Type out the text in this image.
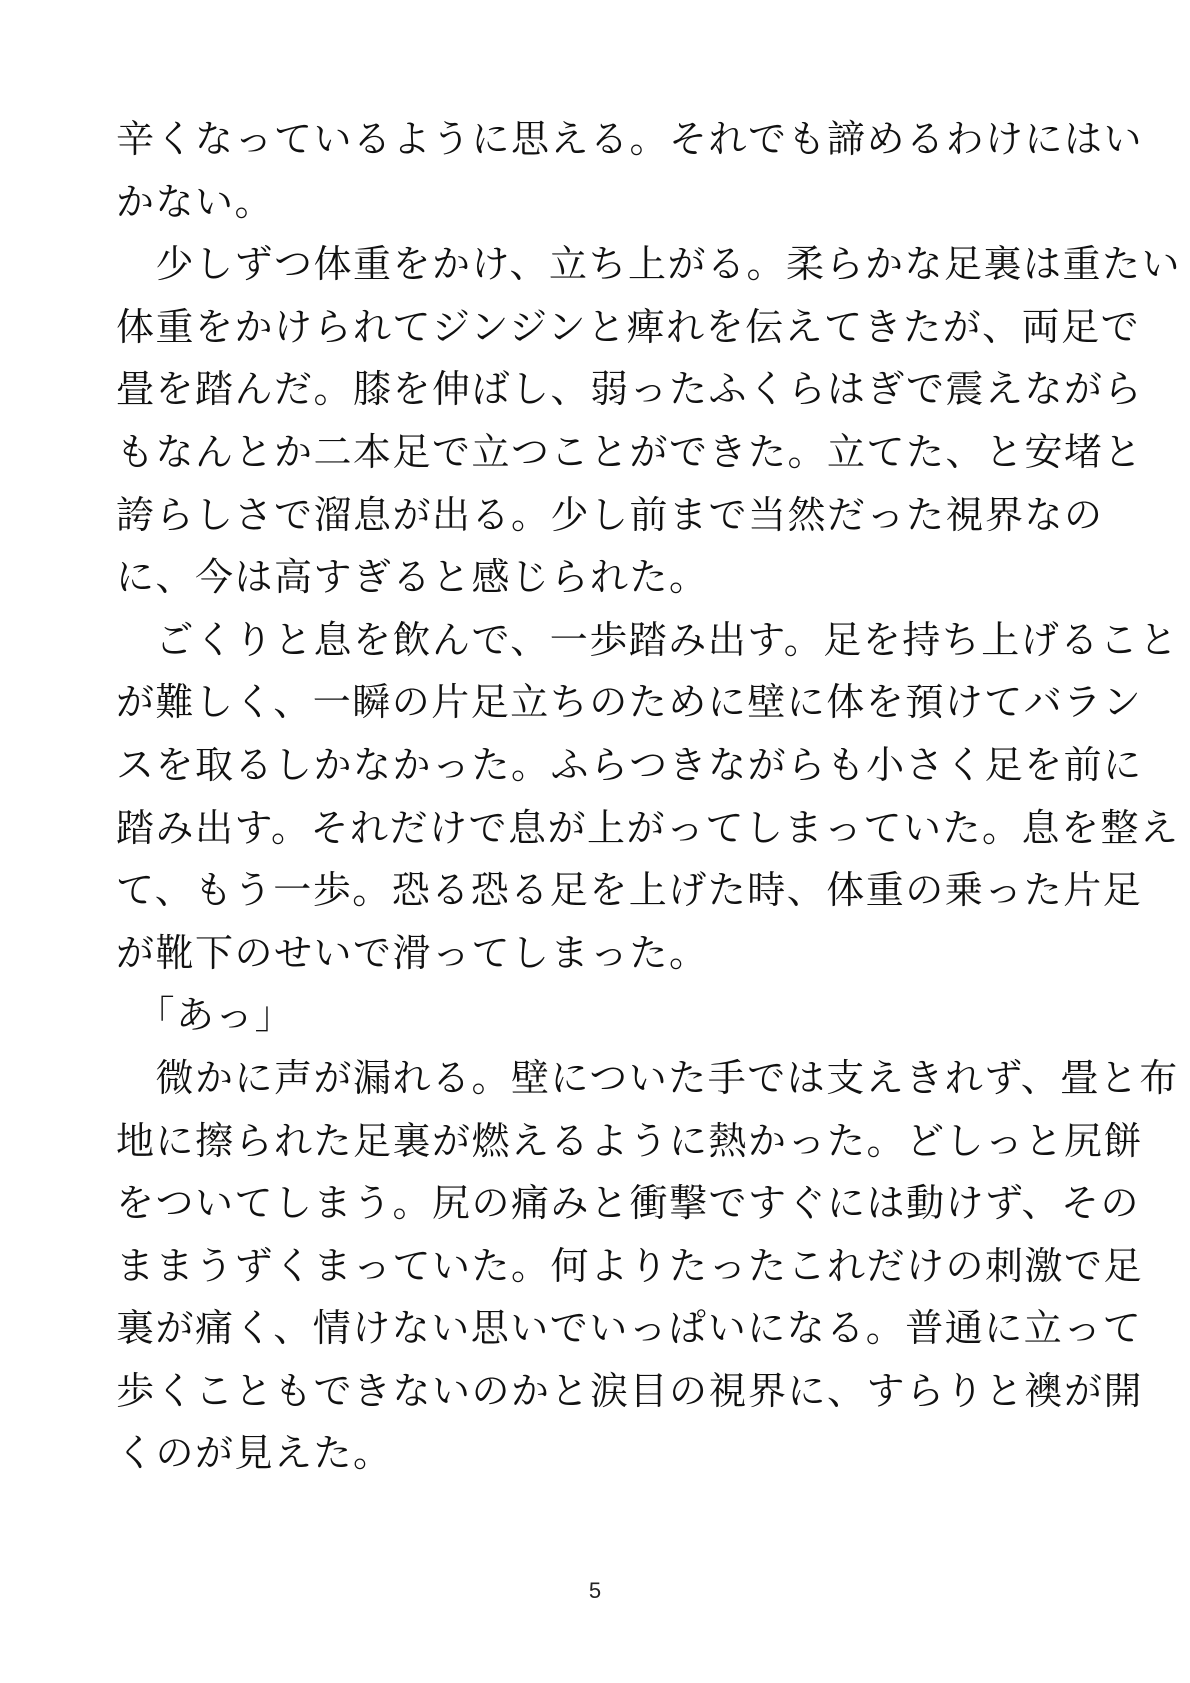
辛くなっているように思える。それでも諦めるわけにはい
かない。
　少しずつ体重をかけ、立ち上がる。柔らかな足裏は重たい
体重をかけられてジンジンと痺れを伝えてきたが、両足で
畳を踏んだ。膝を伸ばし、弱ったふくらはぎで震えながら
もなんとか二本足で立つことができた。立てた、と安堵と
誇らしさで溜息が出る。少し前まで当然だった視界なの
に、今は高すぎると感じられた。
　ごくりと息を飲んで、一歩踏み出す。足を持ち上げること
が難しく、一瞬の片足立ちのために壁に体を預けてバラン
スを取るしかなかった。ふらつきながらも小さく足を前に
踏み出す。それだけで息が上がってしまっていた。息を整え
て、もう一歩。恐る恐る足を上げた時、体重の乗った片足
が靴下のせいで滑ってしまった。
　「あっ」
　微かに声が漏れる。壁についた手では支えきれず、畳と布
地に擦られた足裏が燃えるように熱かった。どしっと尻餅
をついてしまう。尻の痛みと衝撃ですぐには動けず、その
ままうずくまっていた。何よりたったこれだけの刺激で足
裏が痛く、情けない思いでいっぱいになる。普通に立って
歩くこともできないのかと涙目の視界に、すらりと襖が開
くのが見えた。
5
